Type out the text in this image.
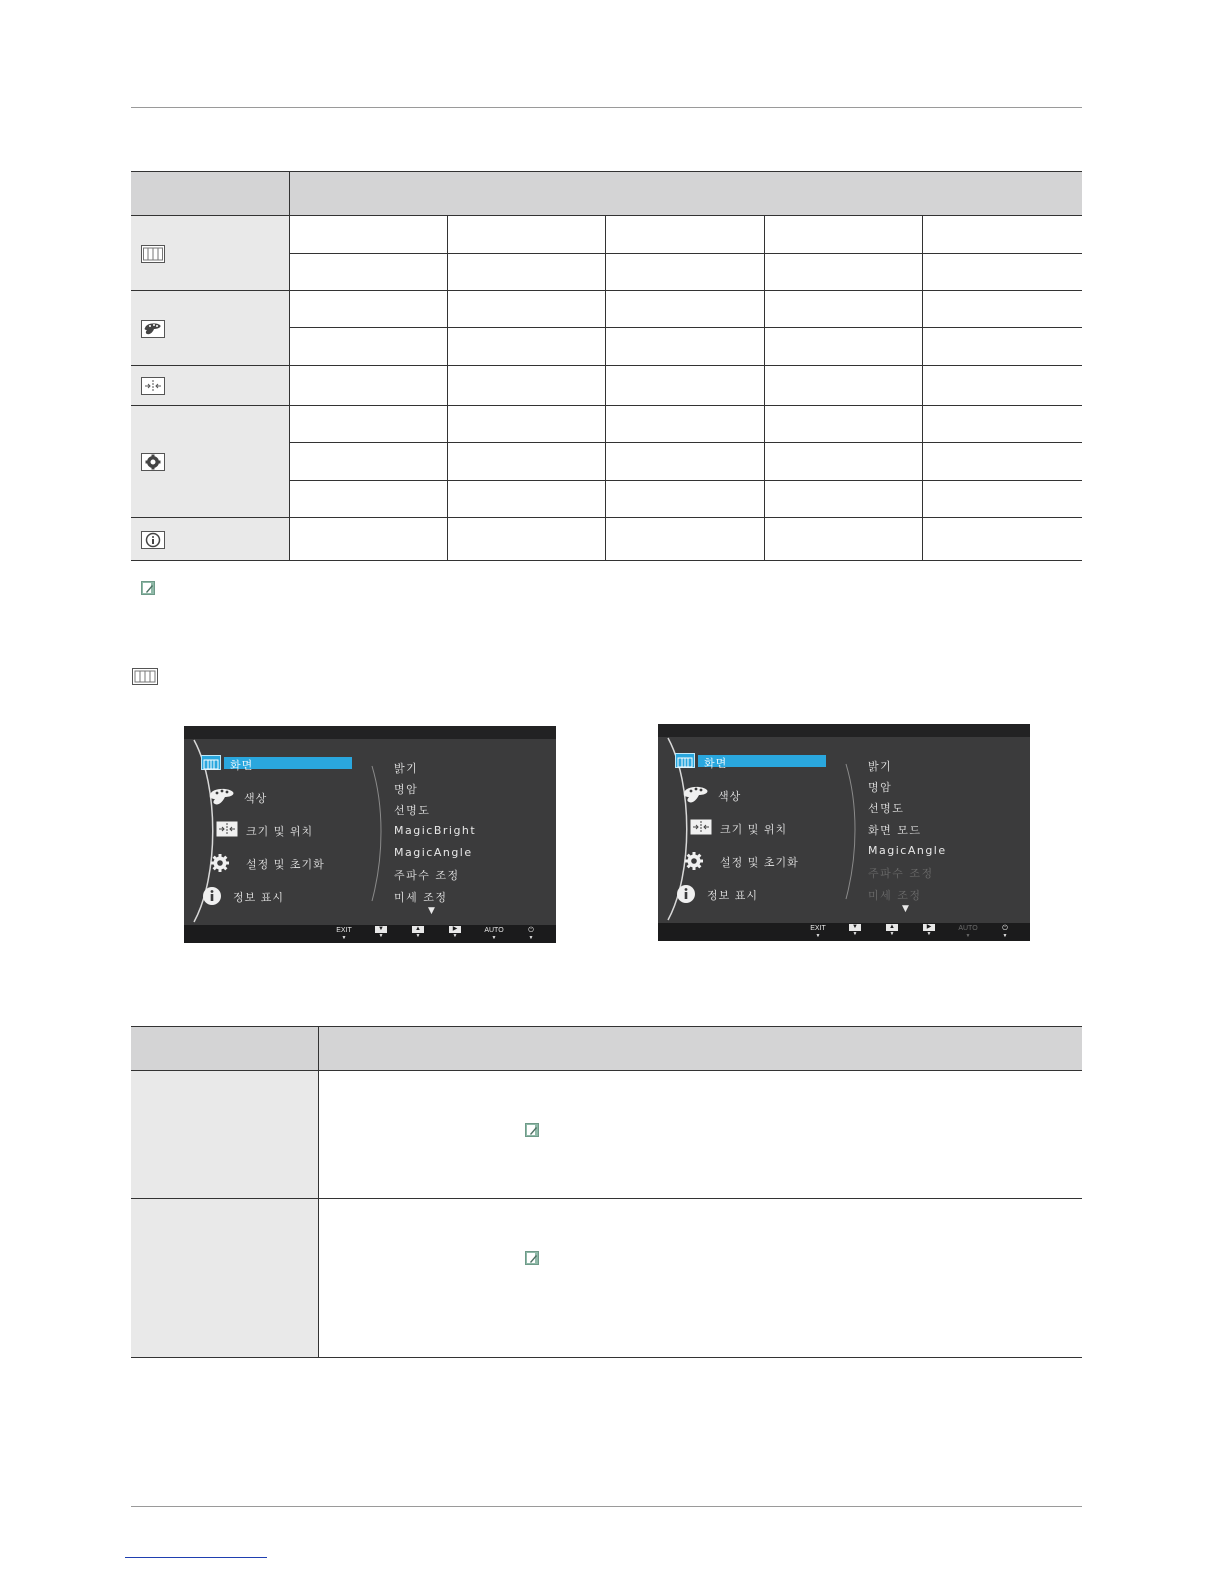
화면
색상
크기 및 위치
설정 및 초기화
정보 표시
밝기
명암
선명도
MagicBright
MagicAngle
주파수 조정
미세 조정
▼
EXIT
▼
▼
▼
▲
▼
▶
▼
AUTO
▼
⏻
▼
화면
색상
크기 및 위치
설정 및 초기화
정보 표시
밝기
명암
선명도
화면 모드
MagicAngle
주파수 조정
미세 조정
▼
EXIT
▼
▼
▼
▲
▼
▶
▼
AUTO
▼
⏻
▼
